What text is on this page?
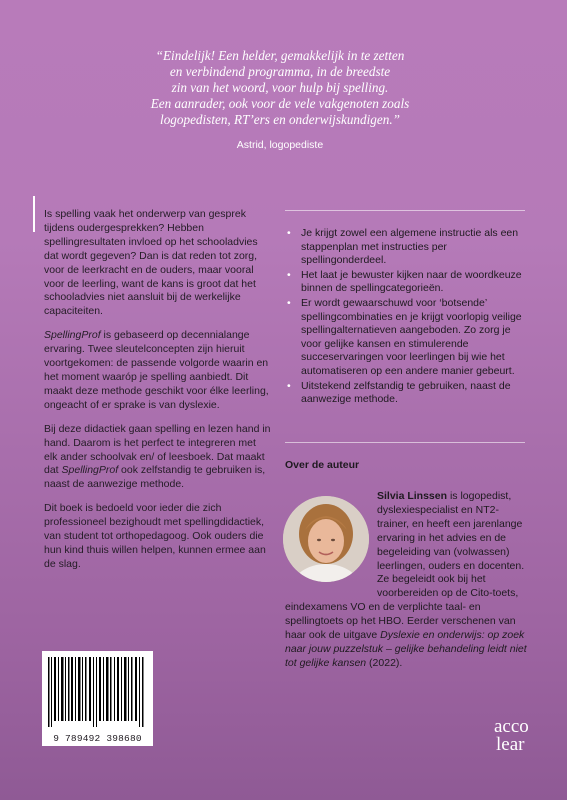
“Eindelijk! Een helder, gemakkelijk in te zetten

en verbindend programma, in de breedste

zin van het woord, voor hulp bij spelling.

Een aanrader, ook voor de vele vakgenoten zoals

logopedisten, RT’ers en onderwijskundigen.”

Astrid, logopediste

Is spelling vaak het onderwerp van gesprek tijdens oudergesprekken? Hebben spellingresultaten invloed op het schooladvies dat wordt gegeven? Dan is dat reden tot zorg, voor de leerkracht en de ouders, maar vooral voor de leerling, want de kans is groot dat het schooladvies niet aansluit bij de werkelijke capaciteiten.

SpellingProf is gebaseerd op decennialange ervaring. Twee sleutelconcepten zijn hieruit voortgekomen: de passende volgorde waarin en het moment waaróp je spelling aanbiedt. Dit maakt deze methode geschikt voor élke leerling, ongeacht of er sprake is van dyslexie.

Bij deze didactiek gaan spelling en lezen hand in hand. Daarom is het perfect te integreren met elk ander schoolvak en/ of leesboek. Dat maakt dat SpellingProf ook zelfstandig te gebruiken is, naast de aanwezige methode.

Dit boek is bedoeld voor ieder die zich professioneel bezighoudt met spellingdidactiek, van student tot orthopedagoog. Ook ouders die hun kind thuis willen helpen, kunnen ermee aan de slag.

• Je krijgt zowel een algemene instructie als een stappenplan met instructies per spellingonderdeel.
• Het laat je bewuster kijken naar de woordkeuze binnen de spellingcategorieën.
• Er wordt gewaarschuwd voor ‘botsende’ spellingcombinaties en je krijgt voorlopig veilige spellingalternatieven aangeboden. Zo zorg je voor gelijke kansen en stimulerende succeservaringen voor leerlingen bij wie het automatiseren op een andere manier gebeurt.
• Uitstekend zelfstandig te gebruiken, naast de aanwezige methode.
Over de auteur
Silvia Linssen is logopedist, dyslexiespecialist en NT2-trainer, en heeft een jarenlange ervaring in het advies en de begeleiding van (volwassen) leerlingen, ouders en docenten. Ze begeleidt ook bij het voorbereiden op de Cito-toets, eindexamens VO en de verplichte taal- en spellingtoets op het HBO. Eerder verschenen van haar ook de uitgave Dyslexie en onderwijs: op zoek naar jouw puzzelstuk – gelijke behandeling leidt niet tot gelijke kansen (2022).
9 789492 398680
acco
lear
